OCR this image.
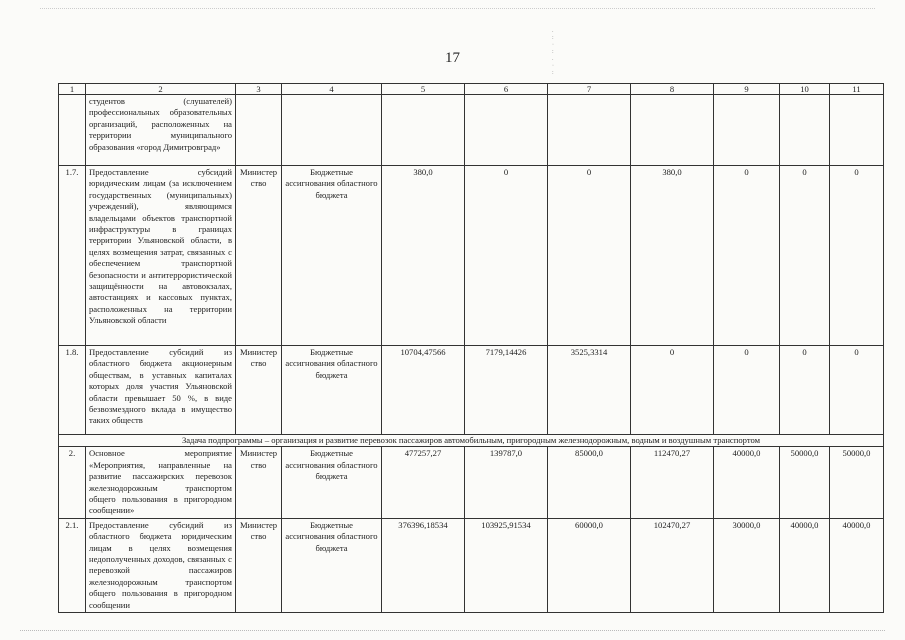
17
.
:
·
:
.
·
:
1	2	3	4	5	6	7	8	9	10	11
	студентов (слушателей) профессиональных образовательных организаций, расположенных на территории муниципального образования «город Димитровград»									
1.7.	Предоставление субсидий юридическим лицам (за исключением государственных (муниципальных) учреждений), являющимся владельцами объектов транспортной инфраструктуры в границах территории Ульяновской области, в целях возмещения затрат, связанных с обеспечением транспортной безопасности и антитеррористической защищённости на автовокзалах, автостанциях и кассовых пунктах, расположенных на территории Ульяновской области	Министерство	Бюджетные ассигнования областного бюджета	380,0	0	0	380,0	0	0	0
1.8.	Предоставление субсидий из областного бюджета акционерным обществам, в уставных капиталах которых доля участия Ульяновской области превышает 50 %, в виде безвозмездного вклада в имущество таких обществ	Министерство	Бюджетные ассигнования областного бюджета	10704,47566	7179,14426	3525,3314	0	0	0	0
Задача подпрограммы – организация и развитие перевозок пассажиров автомобильным, пригородным железнодорожным, водным и воздушным транспортом										
2.	Основное мероприятие «Мероприятия, направленные на развитие пассажирских перевозок железнодорожным транспортом общего пользования в пригородном сообщении»	Министерство	Бюджетные ассигнования областного бюджета	477257,27	139787,0	85000,0	112470,27	40000,0	50000,0	50000,0
2.1.	Предоставление субсидий из областного бюджета юридическим лицам в целях возмещения недополученных доходов, связанных с перевозкой пассажиров железнодорожным транспортом общего пользования в пригородном сообщении	Министерство	Бюджетные ассигнования областного бюджета	376396,18534	103925,91534	60000,0	102470,27	30000,0	40000,0	40000,0
